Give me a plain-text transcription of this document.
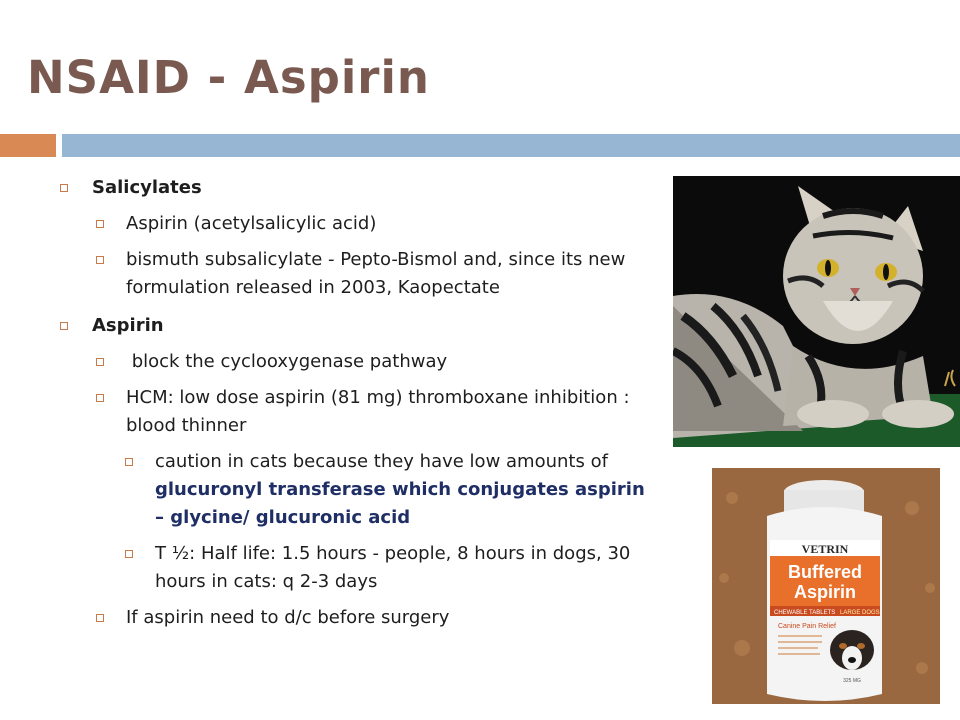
NSAID - Aspirin
Salicylates
Aspirin (acetylsalicylic acid)
bismuth subsalicylate - Pepto-Bismol and, since its new formulation released in 2003, Kaopectate
Aspirin
block the cyclooxygenase pathway
HCM: low dose aspirin (81 mg) thromboxane inhibition : blood thinner
caution in cats because they have low amounts of glucuronyl transferase which conjugates aspirin – glycine/ glucuronic acid
T ½: Half life: 1.5 hours - people, 8 hours in dogs, 30 hours in cats: q 2-3 days
If aspirin need to d/c before surgery
VETRIN
Buffered
Aspirin
CHEWABLE TABLETS LARGE DOGS
Canine Pain Relief
325 MG
